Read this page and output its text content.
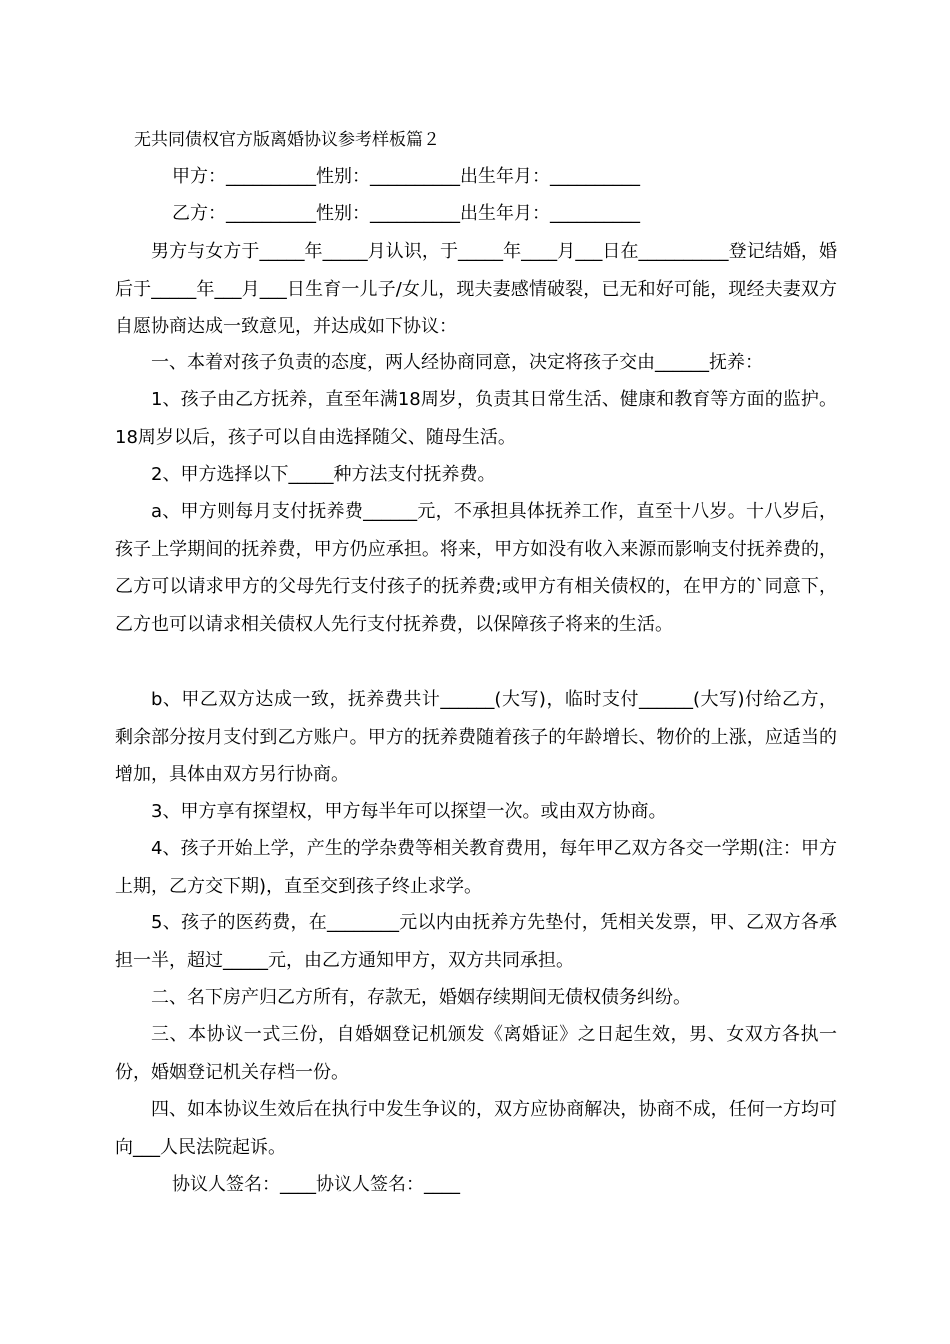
无共同债权官方版离婚协议参考样板篇２
甲方：__________性别：__________出生年月：__________
乙方：__________性别：__________出生年月：__________
男方与女方于_____年_____月认识，于_____年____月___日在__________登记结婚，婚后于_____年___月___日生育一儿子/女儿，现夫妻感情破裂，已无和好可能，现经夫妻双方自愿协商达成一致意见，并达成如下协议：
一、本着对孩子负责的态度，两人经协商同意，决定将孩子交由______抚养：
1、孩子由乙方抚养，直至年满18周岁，负责其日常生活、健康和教育等方面的监护。18周岁以后，孩子可以自由选择随父、随母生活。
2、甲方选择以下_____种方法支付抚养费。
a、甲方则每月支付抚养费______元，不承担具体抚养工作，直至十八岁。十八岁后，孩子上学期间的抚养费，甲方仍应承担。将来，甲方如没有收入来源而影响支付抚养费的，乙方可以请求甲方的父母先行支付孩子的抚养费;或甲方有相关债权的，在甲方的`同意下，乙方也可以请求相关债权人先行支付抚养费，以保障孩子将来的生活。
b、甲乙双方达成一致，抚养费共计______(大写)，临时支付______(大写)付给乙方，剩余部分按月支付到乙方账户。甲方的抚养费随着孩子的年龄增长、物价的上涨，应适当的增加，具体由双方另行协商。
3、甲方享有探望权，甲方每半年可以探望一次。或由双方协商。
4、孩子开始上学，产生的学杂费等相关教育费用，每年甲乙双方各交一学期(注：甲方上期，乙方交下期)，直至交到孩子终止求学。
5、孩子的医药费，在________元以内由抚养方先垫付，凭相关发票，甲、乙双方各承担一半，超过_____元，由乙方通知甲方，双方共同承担。
二、名下房产归乙方所有，存款无，婚姻存续期间无债权债务纠纷。
三、本协议一式三份，自婚姻登记机颁发《离婚证》之日起生效，男、女双方各执一份，婚姻登记机关存档一份。
四、如本协议生效后在执行中发生争议的，双方应协商解决，协商不成，任何一方均可向___人民法院起诉。
协议人签名：____协议人签名：____
